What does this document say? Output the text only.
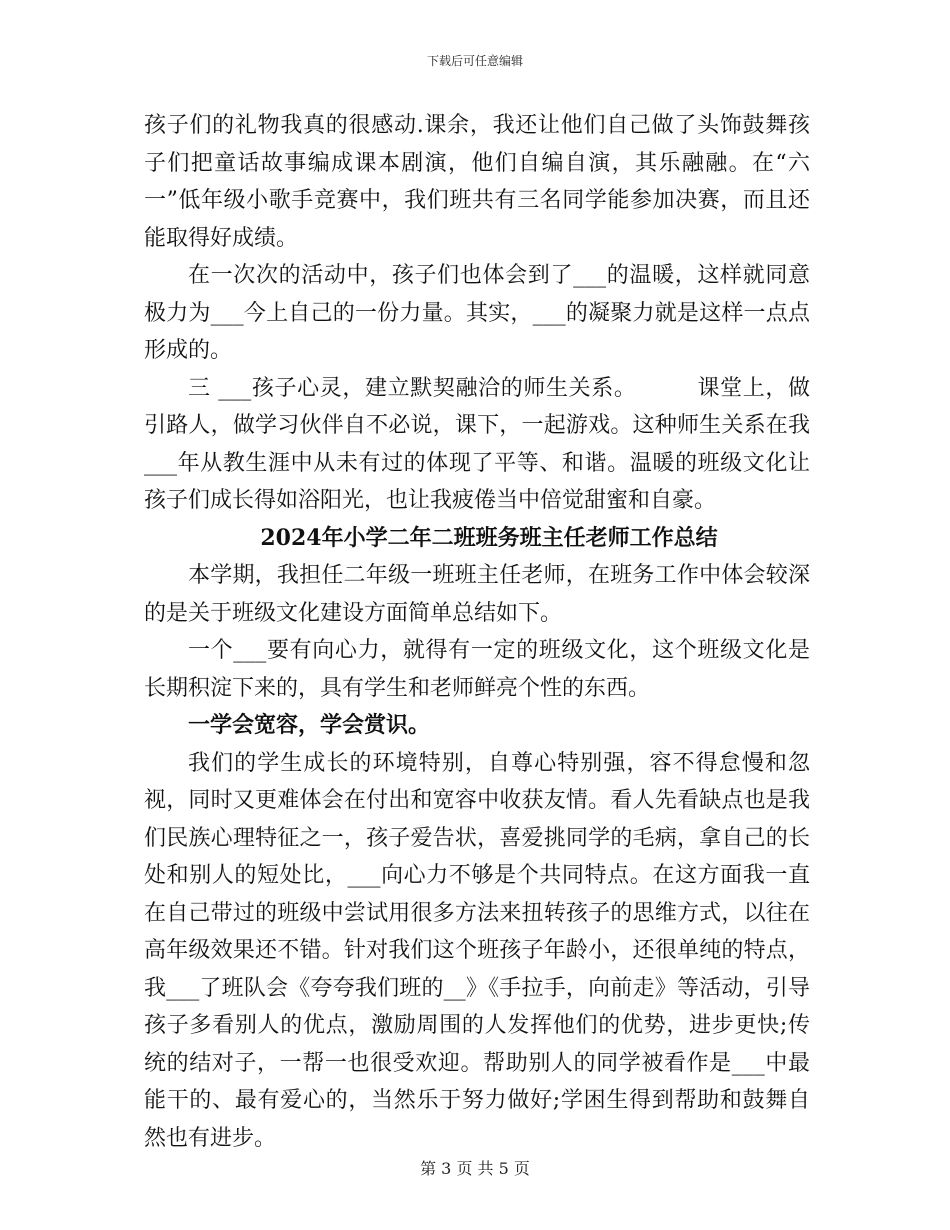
下载后可任意编辑

孩子们的礼物我真的很感动.课余，我还让他们自己做了头饰鼓舞孩子们把童话故事编成课本剧演，他们自编自演，其乐融融。在“六一”低年级小歌手竞赛中，我们班共有三名同学能参加决赛，而且还能取得好成绩。

在一次次的活动中，孩子们也体会到了___的温暖，这样就同意极力为___今上自己的一份力量。其实，___的凝聚力就是这样一点点形成的。

三 ___孩子心灵，建立默契融洽的师生关系。        课堂上，做引路人，做学习伙伴自不必说，课下，一起游戏。这种师生关系在我___年从教生涯中从未有过的体现了平等、和谐。温暖的班级文化让孩子们成长得如浴阳光，也让我疲倦当中倍觉甜蜜和自豪。

2024年小学二年二班班务班主任老师工作总结

本学期，我担任二年级一班班主任老师，在班务工作中体会较深的是关于班级文化建设方面简单总结如下。

一个___要有向心力，就得有一定的班级文化，这个班级文化是长期积淀下来的，具有学生和老师鲜亮个性的东西。

一学会宽容，学会赏识。

我们的学生成长的环境特别，自尊心特别强，容不得怠慢和忽视，同时又更难体会在付出和宽容中收获友情。看人先看缺点也是我们民族心理特征之一，孩子爱告状，喜爱挑同学的毛病，拿自己的长处和别人的短处比，___向心力不够是个共同特点。在这方面我一直在自己带过的班级中尝试用很多方法来扭转孩子的思维方式，以往在高年级效果还不错。针对我们这个班孩子年龄小，还很单纯的特点，我___了班队会《夸夸我们班的__》《手拉手，向前走》等活动，引导孩子多看别人的优点，激励周围的人发挥他们的优势，进步更快;传统的结对子，一帮一也很受欢迎。帮助别人的同学被看作是___中最能干的、最有爱心的，当然乐于努力做好;学困生得到帮助和鼓舞自然也有进步。

第 3 页 共 5 页
